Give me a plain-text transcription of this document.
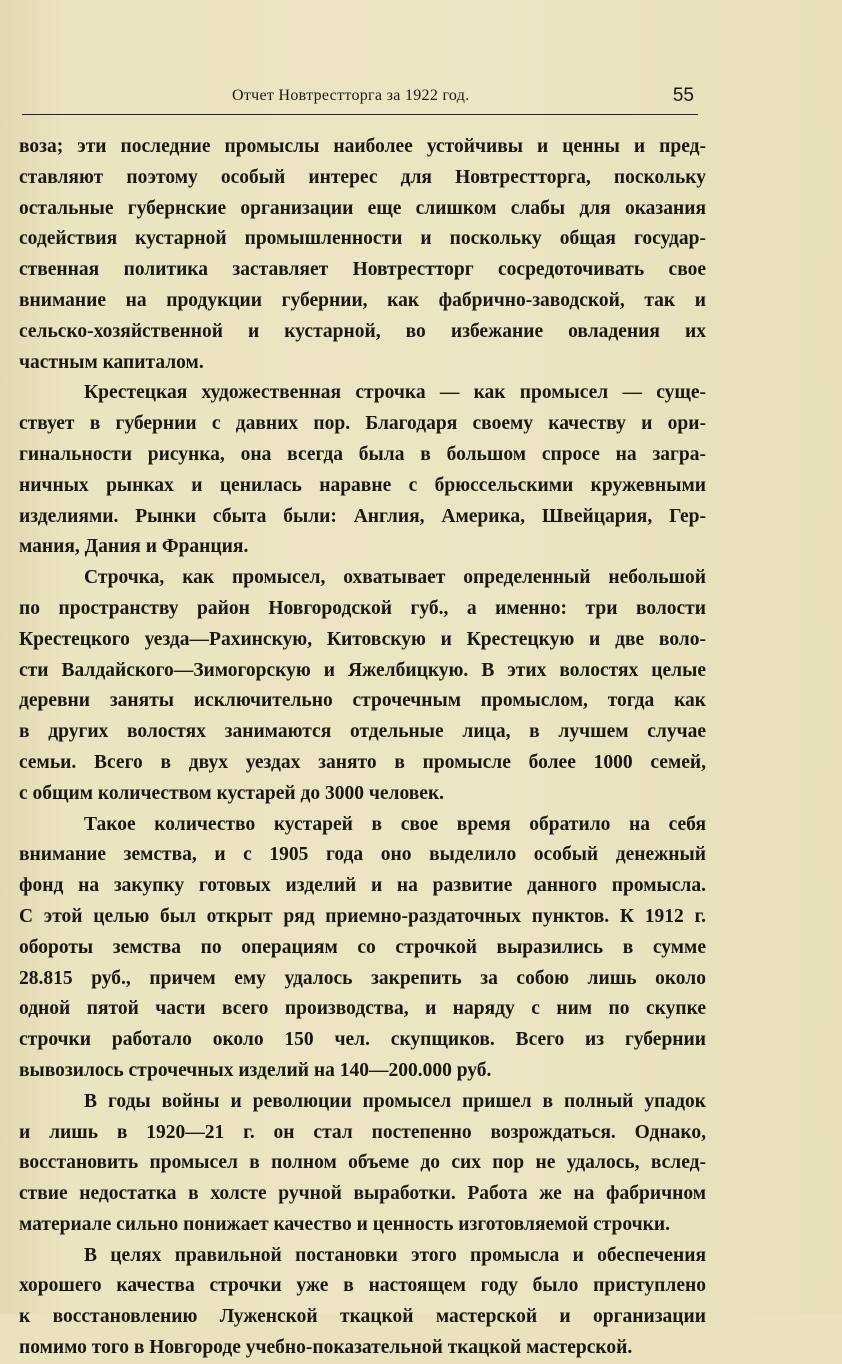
Отчет Новтрестторга за 1922 год.	55
воза; эти последние промыслы наиболее устойчивы и ценны и пред-
ставляют поэтому особый интерес для Новтрестторга, поскольку
остальные губернские организации еще слишком слабы для оказания
содействия кустарной промышленности и поскольку общая государ-
ственная политика заставляет Новтрестторг сосредоточивать свое
внимание на продукции губернии, как фабрично-заводской, так и
сельско-хозяйственной и кустарной, во избежание овладения их
частным капиталом.
Крестецкая художественная строчка — как промысел — суще-
ствует в губернии с давних пор. Благодаря своему качеству и ори-
гинальности рисунка, она всегда была в большом спросе на загра-
ничных рынках и ценилась наравне с брюссельскими кружевными
изделиями. Рынки сбыта были: Англия, Америка, Швейцария, Гер-
мания, Дания и Франция.
Строчка, как промысел, охватывает определенный небольшой
по пространству район Новгородской губ., а именно: три волости
Крестецкого уезда—Рахинскую, Китовскую и Крестецкую и две воло-
сти Валдайского—Зимогорскую и Яжелбицкую. В этих волостях целые
деревни заняты исключительно строчечным промыслом, тогда как
в других волостях занимаются отдельные лица, в лучшем случае
семьи. Всего в двух уездах занято в промысле более 1000 семей,
с общим количеством кустарей до 3000 человек.
Такое количество кустарей в свое время обратило на себя
внимание земства, и с 1905 года оно выделило особый денежный
фонд на закупку готовых изделий и на развитие данного промысла.
С этой целью был открыт ряд приемно-раздаточных пунктов. К 1912 г.
обороты земства по операциям со строчкой выразились в сумме
28.815 руб., причем ему удалось закрепить за собою лишь около
одной пятой части всего производства, и наряду с ним по скупке
строчки работало около 150 чел. скупщиков. Всего из губернии
вывозилось строчечных изделий на 140—200.000 руб.
В годы войны и революции промысел пришел в полный упадок
и лишь в 1920—21 г. он стал постепенно возрождаться. Однако,
восстановить промысел в полном объеме до сих пор не удалось, вслед-
ствие недостатка в холсте ручной выработки. Работа же на фабричном
материале сильно понижает качество и ценность изготовляемой строчки.
В целях правильной постановки этого промысла и обеспечения
хорошего качества строчки уже в настоящем году было приступлено
к восстановлению Луженской ткацкой мастерской и организации
помимо того в Новгороде учебно-показательной ткацкой мастерской.
